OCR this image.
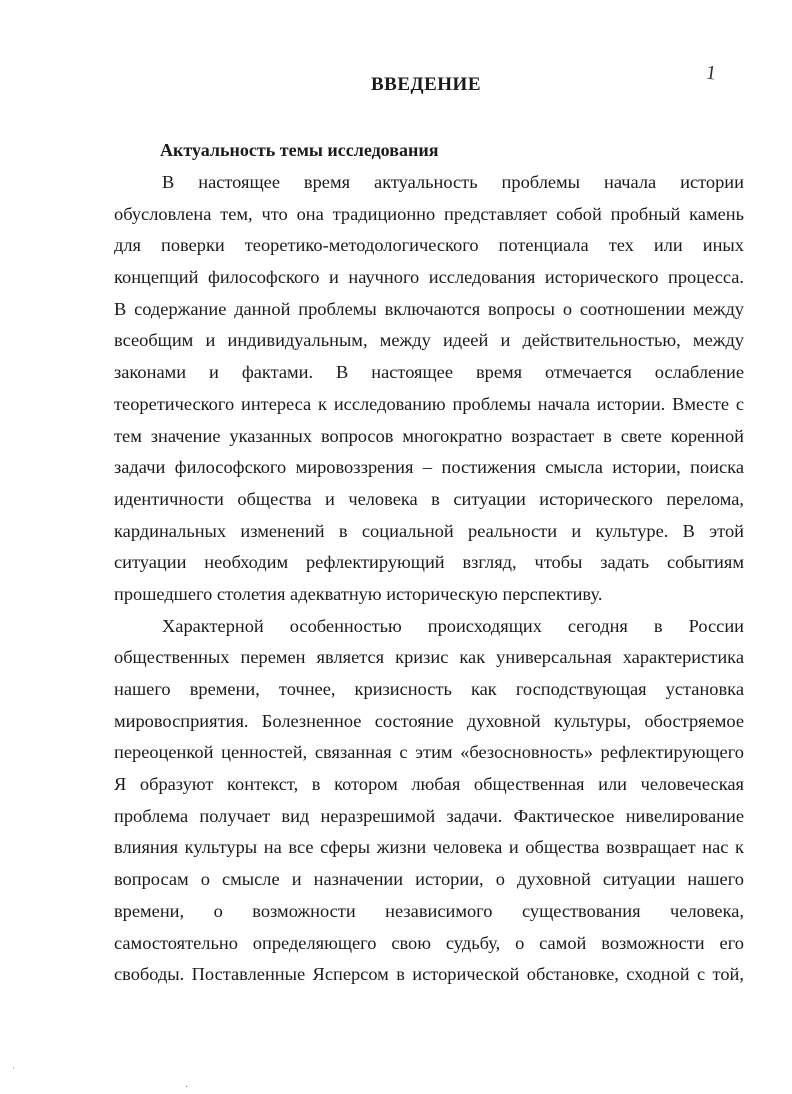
1
ВВЕДЕНИЕ
Актуальность темы исследования
В настоящее время актуальность проблемы начала истории
обусловлена тем, что она традиционно представляет собой пробный камень
для поверки теоретико-методологического потенциала тех или иных
концепций философского и научного исследования исторического процесса.
В содержание данной проблемы включаются вопросы о соотношении между
всеобщим и индивидуальным, между идеей и действительностью, между
законами и фактами. В настоящее время отмечается ослабление
теоретического интереса к исследованию проблемы начала истории. Вместе с
тем значение указанных вопросов многократно возрастает в свете коренной
задачи философского мировоззрения – постижения смысла истории, поиска
идентичности общества и человека в ситуации исторического перелома,
кардинальных изменений в социальной реальности и культуре. В этой
ситуации необходим рефлектирующий взгляд, чтобы задать событиям
прошедшего столетия адекватную историческую перспективу.
Характерной особенностью происходящих сегодня в России
общественных перемен является кризис как универсальная характеристика
нашего времени, точнее, кризисность как господствующая установка
мировосприятия. Болезненное состояние духовной культуры, обостряемое
переоценкой ценностей, связанная с этим «безосновность» рефлектирующего
Я образуют контекст, в котором любая общественная или человеческая
проблема получает вид неразрешимой задачи. Фактическое нивелирование
влияния культуры на все сферы жизни человека и общества возвращает нас к
вопросам о смысле и назначении истории, о духовной ситуации нашего
времени, о возможности независимого существования человека,
самостоятельно определяющего свою судьбу, о самой возможности его
свободы. Поставленные Ясперсом в исторической обстановке, сходной с той,
ˌ
·
